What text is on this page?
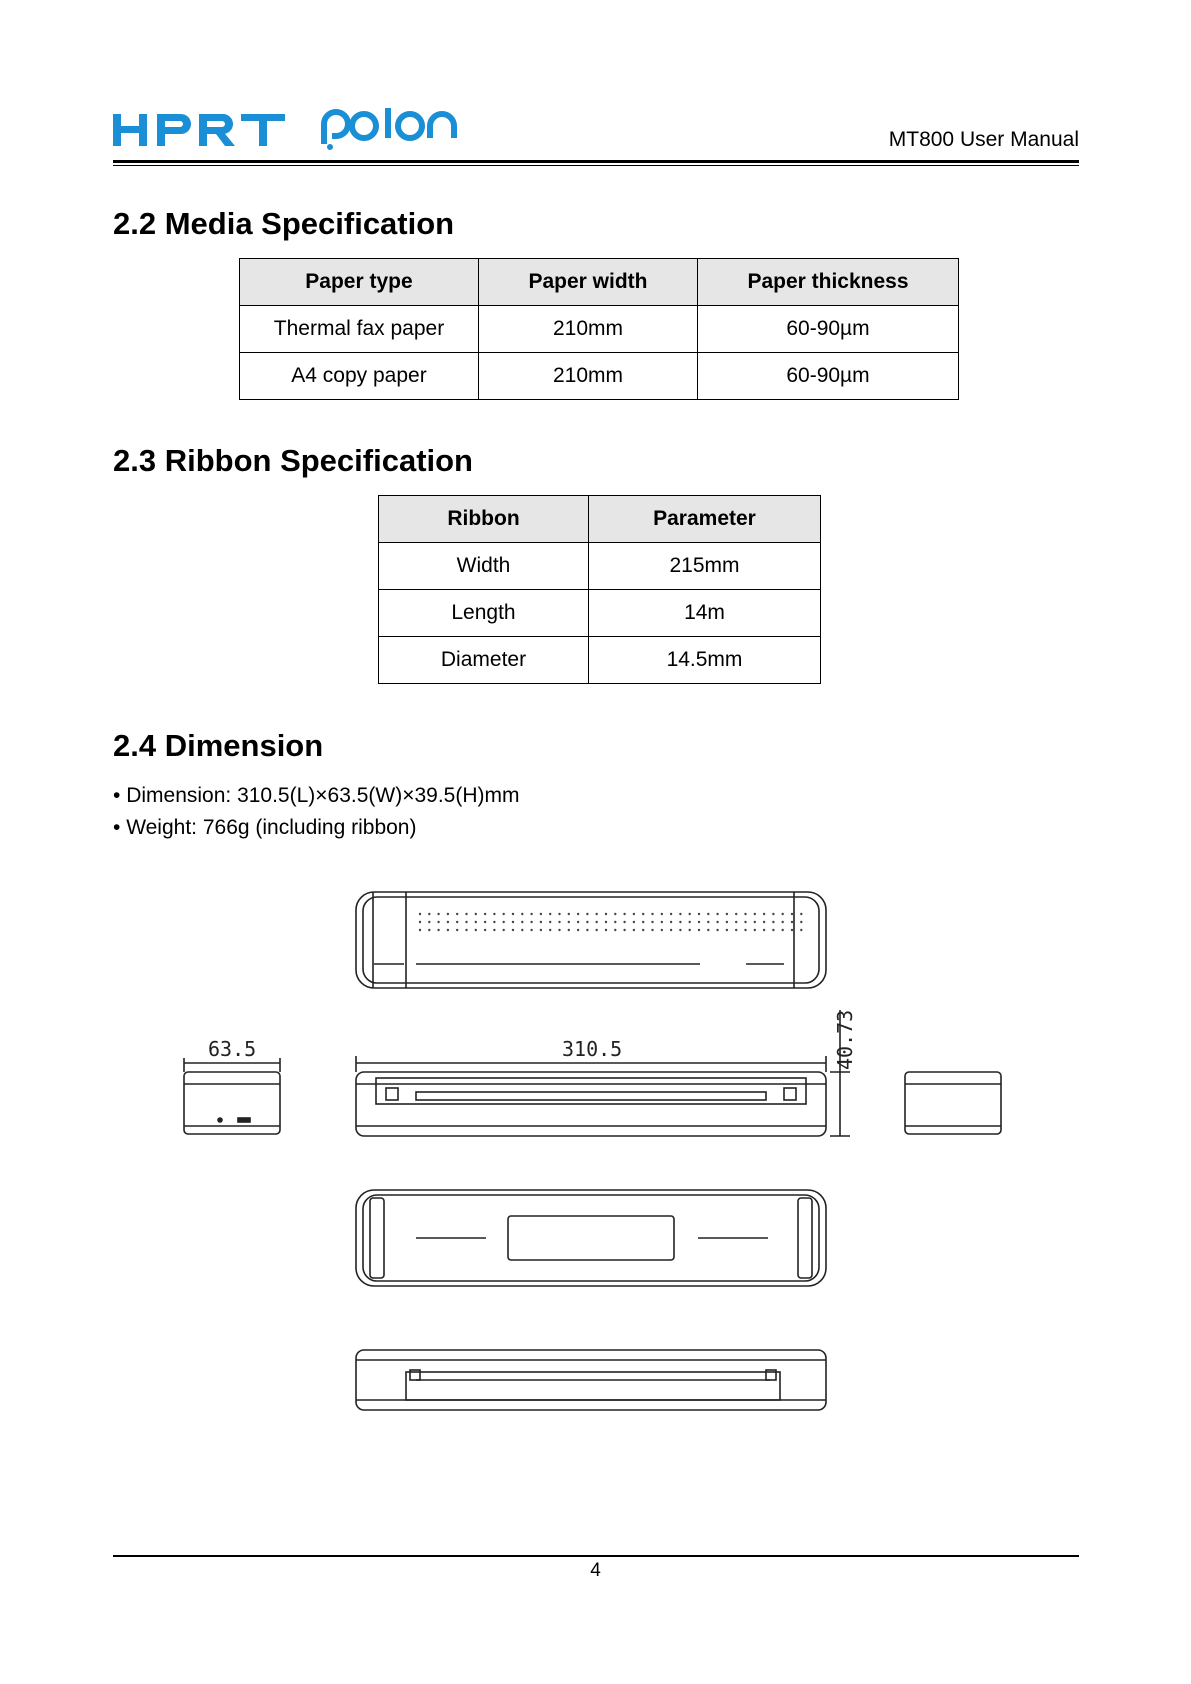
MT800 User Manual
2.2 Media Specification
Paper type	Paper width	Paper thickness
Thermal fax paper	210mm	60-90µm
A4 copy paper	210mm	60-90µm
2.3 Ribbon Specification
Ribbon	Parameter
Width	215mm
Length	14m
Diameter	14.5mm
2.4 Dimension
• Dimension: 310.5(L)×63.5(W)×39.5(H)mm
• Weight: 766g (including ribbon)
63.5	310.5	40.73
4
